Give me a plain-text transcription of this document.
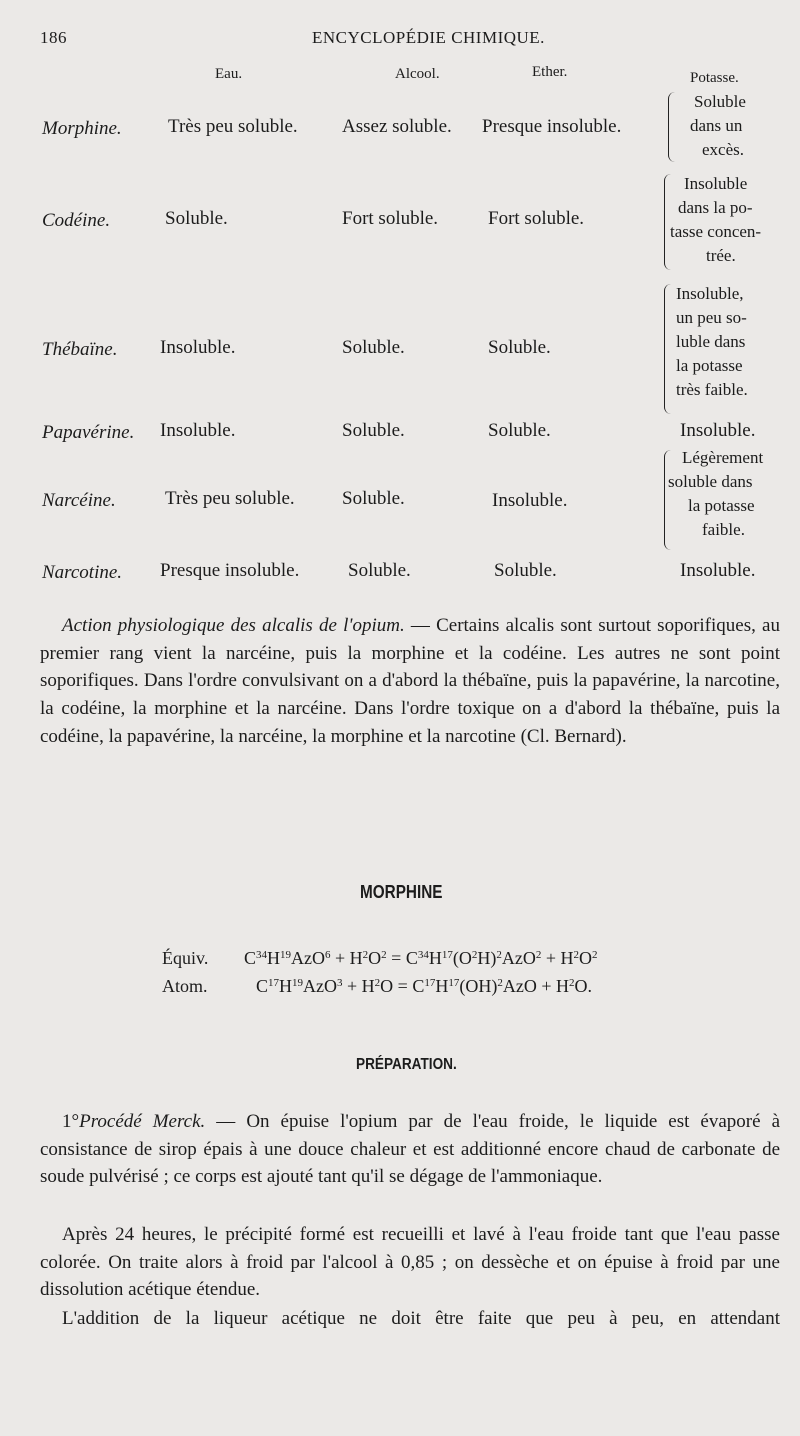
186	ENCYCLOPÉDIE CHIMIQUE.
Eau.	Alcool.	Ether.	Potasse.
Morphine. Très peu soluble. Assez soluble. Presque insoluble.
Soluble
dans un
excès.
Codéine.	Soluble.	Fort soluble.	Fort soluble.
Insoluble
dans la po-
tasse concen-
trée.
Thébaïne. Insoluble.	Soluble.	Soluble.
Insoluble,
un peu so-
luble dans
la potasse
très faible.
Papavérine. Insoluble.	Soluble.	Soluble.	Insoluble.
Narcéine.	Très peu soluble. Soluble.	Insoluble.
Légèrement
soluble dans
la potasse
faible.
Narcotine. Presque insoluble.	Soluble.	Soluble.	Insoluble.

Action physiologique des alcalis de l'opium. — Certains alcalis sont surtout soporifiques, au premier rang vient la narcéine, puis la morphine et la codéine. Les autres ne sont point soporifiques. Dans l'ordre convulsivant on a d'abord la thébaïne, puis la papavérine, la narcotine, la codéine, la morphine et la narcéine. Dans l'ordre toxique on a d'abord la thébaïne, puis la codéine, la papavérine, la narcéine, la morphine et la narcotine (Cl. Bernard).

MORPHINE
Équiv. $C^{34}H^{19}AzO^6 + H^2O^2 = C^{34}H^{17}(O^2H)^2AzO^2 + H^2O^2$
Atom.	$C^{17}H^{19}AzO^3 + H^2O = C^{17}H^{17}(OH)^2AzO + H^2O$.
PRÉPARATION.

1°Procédé Merck. — On épuise l'opium par de l'eau froide, le liquide est évaporé à consistance de sirop épais à une douce chaleur et est additionné encore chaud de carbonate de soude pulvérisé ; ce corps est ajouté tant qu'il se dégage de l'ammoniaque.

Après 24 heures, le précipité formé est recueilli et lavé à l'eau froide tant que l'eau passe colorée. On traite alors à froid par l'alcool à 0,85 ; on dessèche et on épuise à froid par une dissolution acétique étendue.

L'addition de la liqueur acétique ne doit être faite que peu à peu, en attendant
